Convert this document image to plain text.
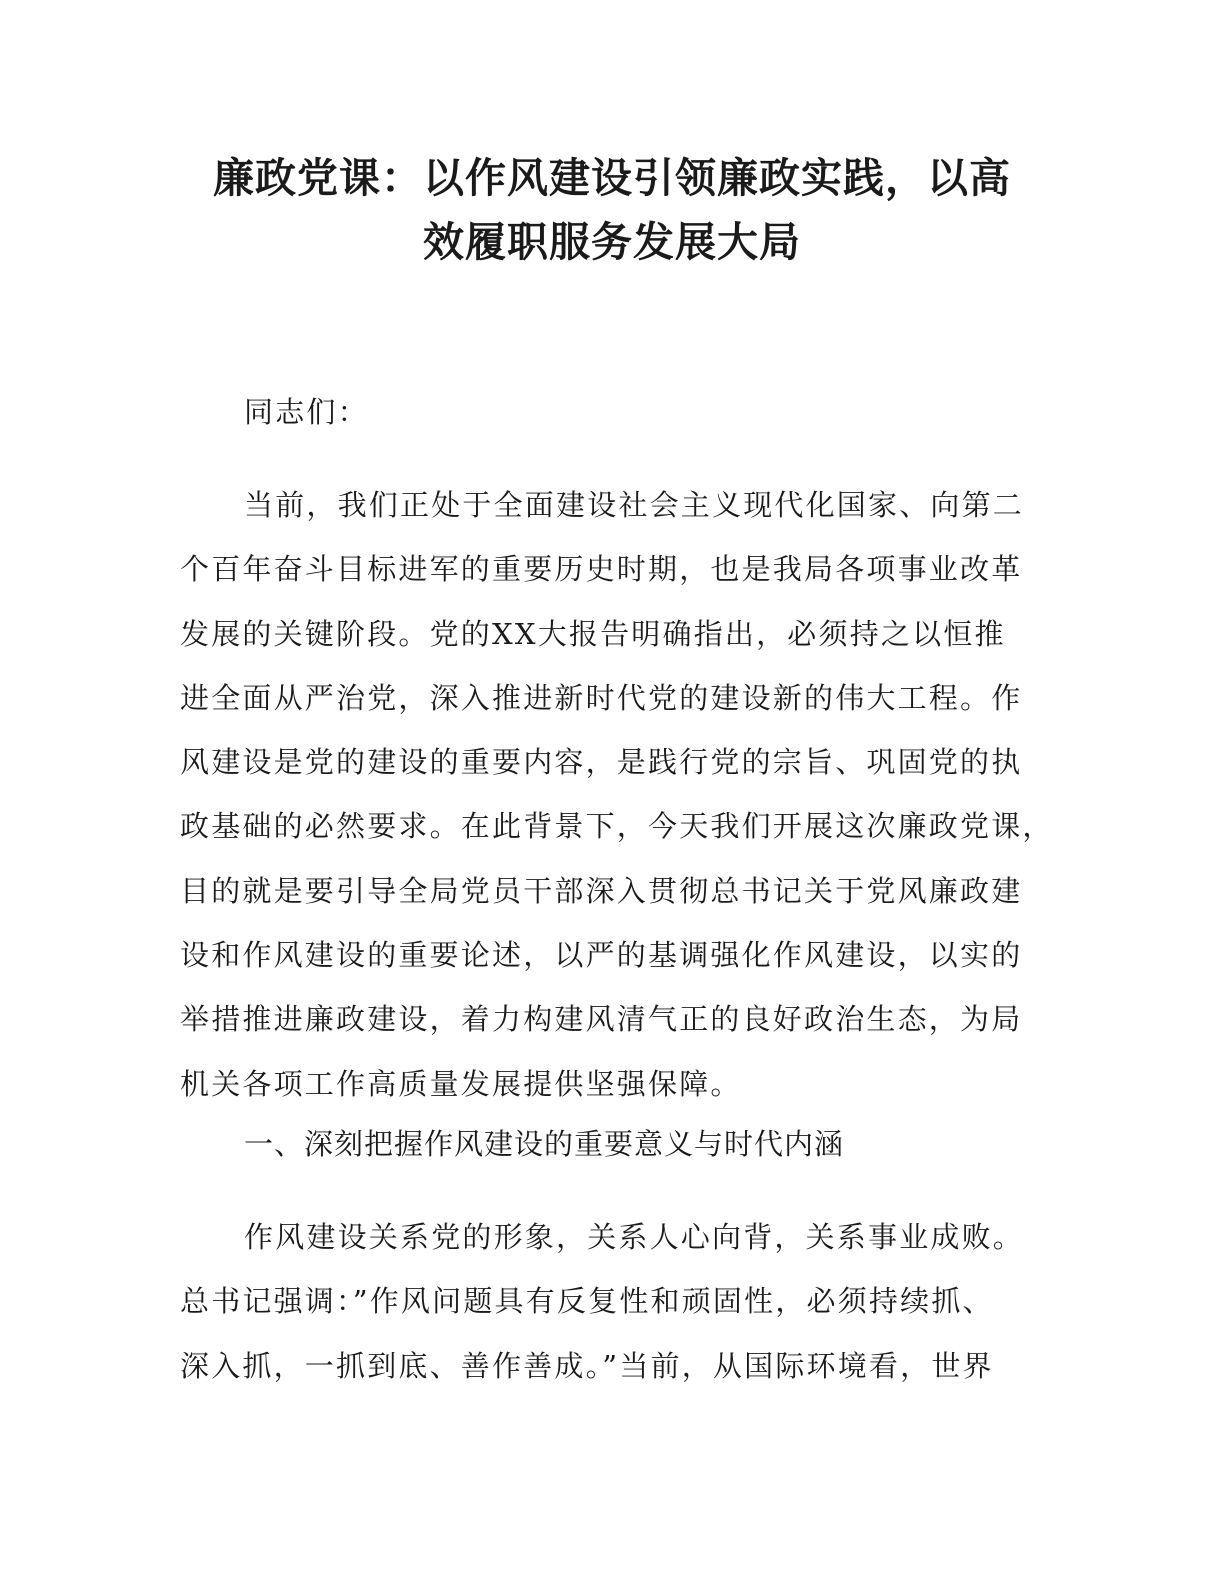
廉政党课：以作风建设引领廉政实践，以高
效履职服务发展大局
同志们：
当前，我们正处于全面建设社会主义现代化国家、向第二
个百年奋斗目标进军的重要历史时期，也是我局各项事业改革
发展的关键阶段。党的XX大报告明确指出，必须持之以恒推
进全面从严治党，深入推进新时代党的建设新的伟大工程。作
风建设是党的建设的重要内容，是践行党的宗旨、巩固党的执
政基础的必然要求。在此背景下，今天我们开展这次廉政党课，
目的就是要引导全局党员干部深入贯彻总书记关于党风廉政建
设和作风建设的重要论述，以严的基调强化作风建设，以实的
举措推进廉政建设，着力构建风清气正的良好政治生态，为局
机关各项工作高质量发展提供坚强保障。
一、深刻把握作风建设的重要意义与时代内涵
作风建设关系党的形象，关系人心向背，关系事业成败。
总书记强调：”作风问题具有反复性和顽固性，必须持续抓、
深入抓，一抓到底、善作善成。”当前，从国际环境看，世界
